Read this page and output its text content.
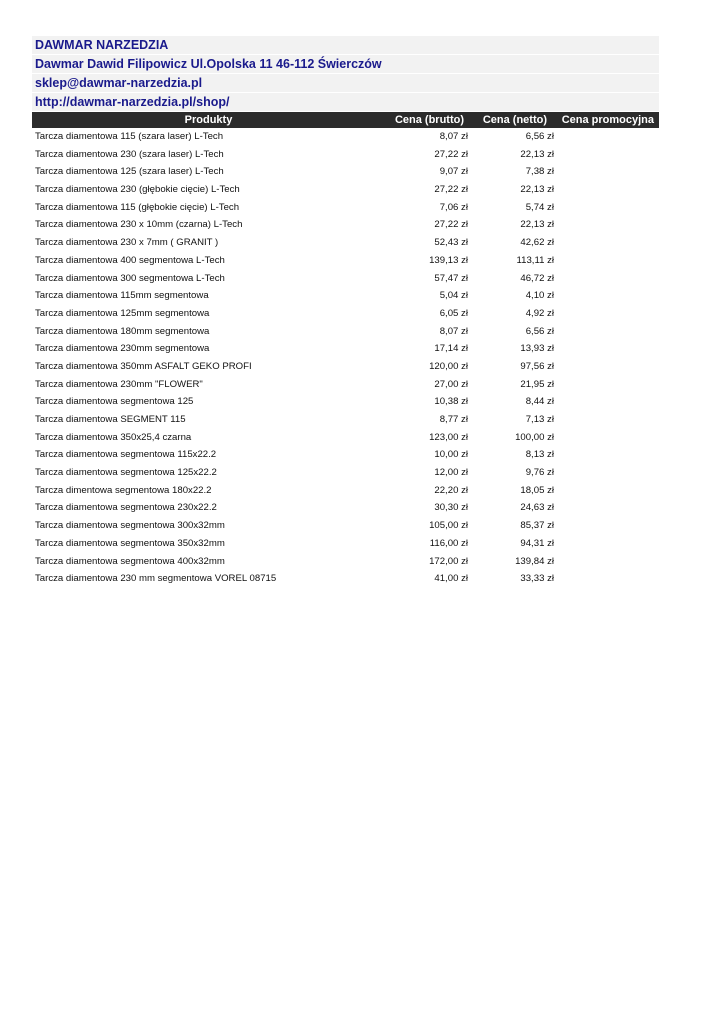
DAWMAR NARZEDZIA
Dawmar Dawid Filipowicz Ul.Opolska 11 46-112 Świerczów
sklep@dawmar-narzedzia.pl
http://dawmar-narzedzia.pl/shop/
Produkty	Cena (brutto)	Cena (netto)	Cena promocyjna
Tarcza diamentowa 115 (szara laser) L-Tech	8,07 zł	6,56 zł
Tarcza diamentowa 230 (szara laser) L-Tech	27,22 zł	22,13 zł
Tarcza diamentowa 125 (szara laser) L-Tech	9,07 zł	7,38 zł
Tarcza diamentowa 230 (głębokie cięcie) L-Tech	27,22 zł	22,13 zł
Tarcza diamentowa 115 (głębokie cięcie) L-Tech	7,06 zł	5,74 zł
Tarcza diamentowa 230 x 10mm (czarna) L-Tech	27,22 zł	22,13 zł
Tarcza diamentowa 230 x 7mm ( GRANIT )	52,43 zł	42,62 zł
Tarcza diamentowa 400 segmentowa L-Tech	139,13 zł	113,11 zł
Tarcza diamentowa 300 segmentowa L-Tech	57,47 zł	46,72 zł
Tarcza diamentowa 115mm segmentowa	5,04 zł	4,10 zł
Tarcza diamentowa 125mm segmentowa	6,05 zł	4,92 zł
Tarcza diamentowa 180mm segmentowa	8,07 zł	6,56 zł
Tarcza diamentowa 230mm segmentowa	17,14 zł	13,93 zł
Tarcza diamentowa 350mm ASFALT GEKO PROFI	120,00 zł	97,56 zł
Tarcza diamentowa 230mm "FLOWER"	27,00 zł	21,95 zł
Tarcza diamentowa segmentowa 125	10,38 zł	8,44 zł
Tarcza diamentowa SEGMENT 115	8,77 zł	7,13 zł
Tarcza diamentowa 350x25,4 czarna	123,00 zł	100,00 zł
Tarcza diamentowa segmentowa 115x22.2	10,00 zł	8,13 zł
Tarcza diamentowa segmentowa 125x22.2	12,00 zł	9,76 zł
Tarcza dimentowa segmentowa 180x22.2	22,20 zł	18,05 zł
Tarcza diamentowa segmentowa 230x22.2	30,30 zł	24,63 zł
Tarcza diamentowa segmentowa 300x32mm	105,00 zł	85,37 zł
Tarcza diamentowa segmentowa 350x32mm	116,00 zł	94,31 zł
Tarcza diamentowa segmentowa 400x32mm	172,00 zł	139,84 zł
Tarcza diamentowa 230 mm segmentowa VOREL 08715	41,00 zł	33,33 zł
